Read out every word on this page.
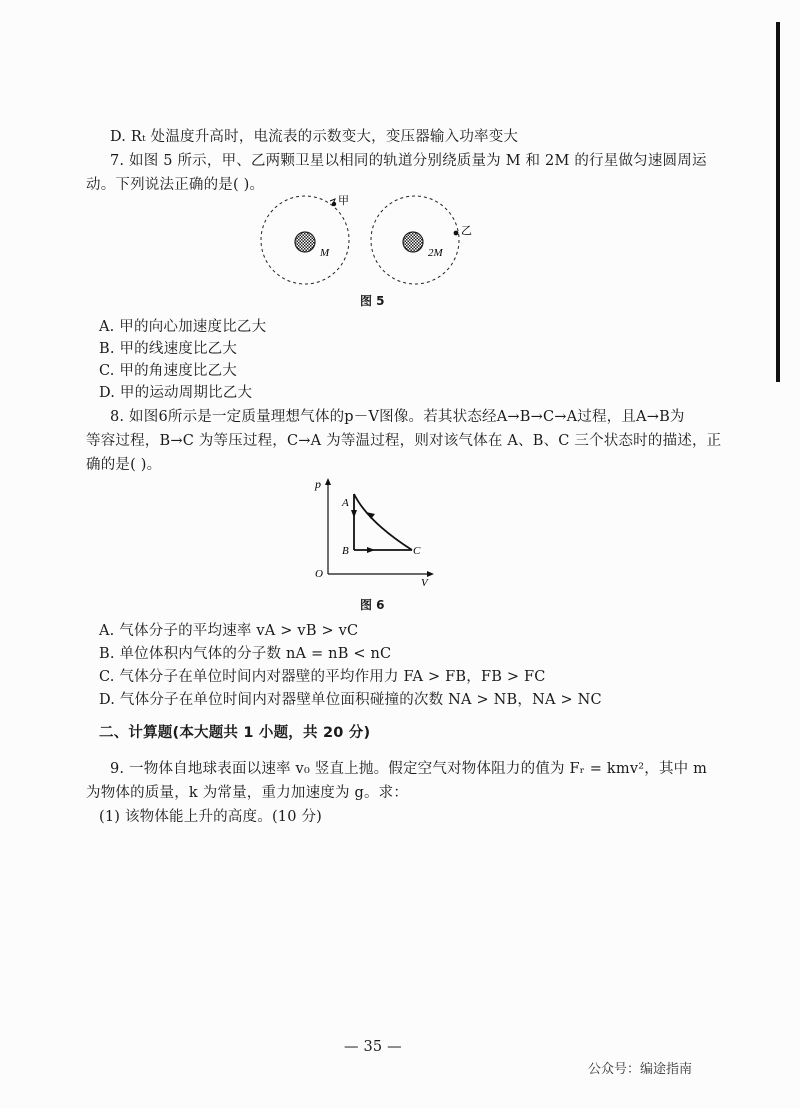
D. Rₜ 处温度升高时，电流表的示数变大，变压器输入功率变大
7. 如图 5 所示，甲、乙两颗卫星以相同的轨道分别绕质量为 M 和 2M 的行星做匀速圆周运
动。下列说法正确的是( )。
M
甲
2M
乙
图 5
A. 甲的向心加速度比乙大
B. 甲的线速度比乙大
C. 甲的角速度比乙大
D. 甲的运动周期比乙大
8. 如图6所示是一定质量理想气体的p－V图像。若其状态经A→B→C→A过程，且A→B为
等容过程，B→C 为等压过程，C→A 为等温过程，则对该气体在 A、B、C 三个状态时的描述，正
确的是( )。
p
V
O
A
B	C
图 6
A. 气体分子的平均速率 vA > vB > vC
B. 单位体积内气体的分子数 nA = nB < nC
C. 气体分子在单位时间内对器壁的平均作用力 FA > FB，FB > FC
D. 气体分子在单位时间内对器壁单位面积碰撞的次数 NA > NB，NA > NC
二、计算题(本大题共 1 小题，共 20 分)
9. 一物体自地球表面以速率 v₀ 竖直上抛。假定空气对物体阻力的值为 Fᵣ = kmv²，其中 m
为物体的质量，k 为常量，重力加速度为 g。求：
(1) 该物体能上升的高度。(10 分)
— 35 —
公众号：编途指南
